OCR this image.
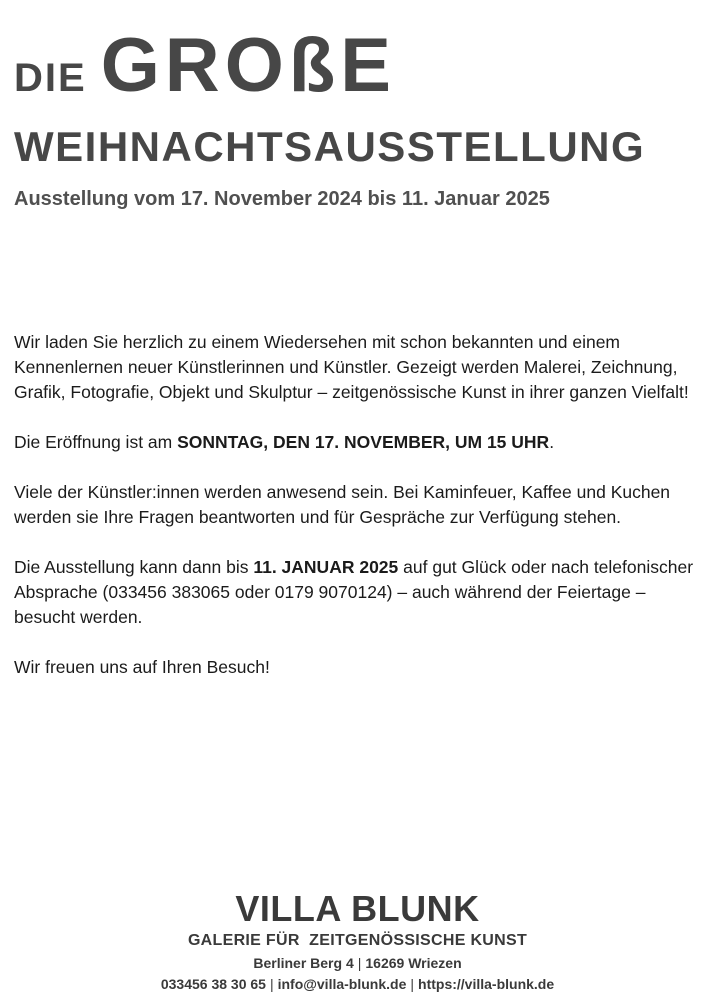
DIE GROßE
WEIHNACHTSAUSSTELLUNG
Ausstellung vom 17. November 2024 bis 11. Januar 2025

Wir laden Sie herzlich zu einem Wiedersehen mit schon bekannten und einem Kennenlernen neuer Künstlerinnen und Künstler. Gezeigt werden Malerei, Zeichnung, Grafik, Fotografie, Objekt und Skulptur – zeitgenössische Kunst in ihrer ganzen Vielfalt!

Die Eröffnung ist am SONNTAG, DEN 17. NOVEMBER, UM 15 UHR.

Viele der Künstler:innen werden anwesend sein. Bei Kaminfeuer, Kaffee und Kuchen werden sie Ihre Fragen beantworten und für Gespräche zur Verfügung stehen.

Die Ausstellung kann dann bis 11. JANUAR 2025 auf gut Glück oder nach telefonischer Absprache (033456 383065 oder 0179 9070124) – auch während der Feiertage – besucht werden.

Wir freuen uns auf Ihren Besuch!

VILLA BLUNK
GALERIE FÜR  ZEITGENÖSSISCHE KUNST
Berliner Berg 4 | 16269 Wriezen
033456 38 30 65 | info@villa-blunk.de | https://villa-blunk.de
